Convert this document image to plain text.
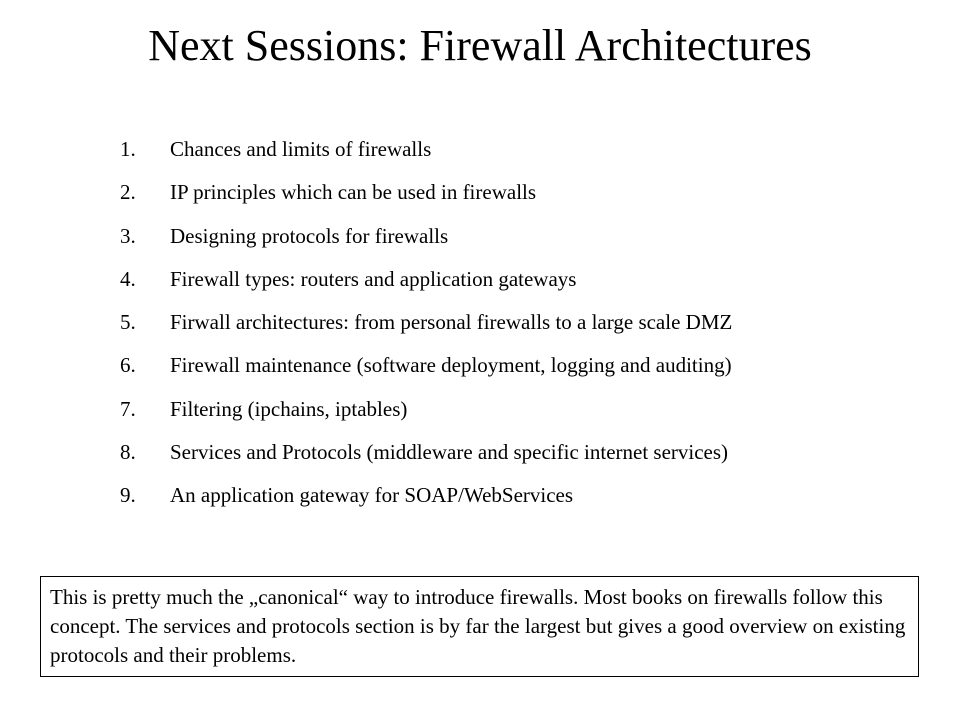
Next Sessions: Firewall Architectures
1.	Chances and limits of firewalls
2.	IP principles which can be used in firewalls
3.	Designing protocols for firewalls
4.	Firewall types: routers and application gateways
5.	Firwall architectures: from personal firewalls to a large scale DMZ
6.	Firewall maintenance (software deployment, logging and auditing)
7.	Filtering (ipchains, iptables)
8.	Services and Protocols (middleware and specific internet services)
9.	An application gateway for SOAP/WebServices
This is pretty much the „canonical“ way to introduce firewalls. Most books on firewalls follow this concept. The services and protocols section is by far the largest but gives a good overview on existing protocols and their problems.
